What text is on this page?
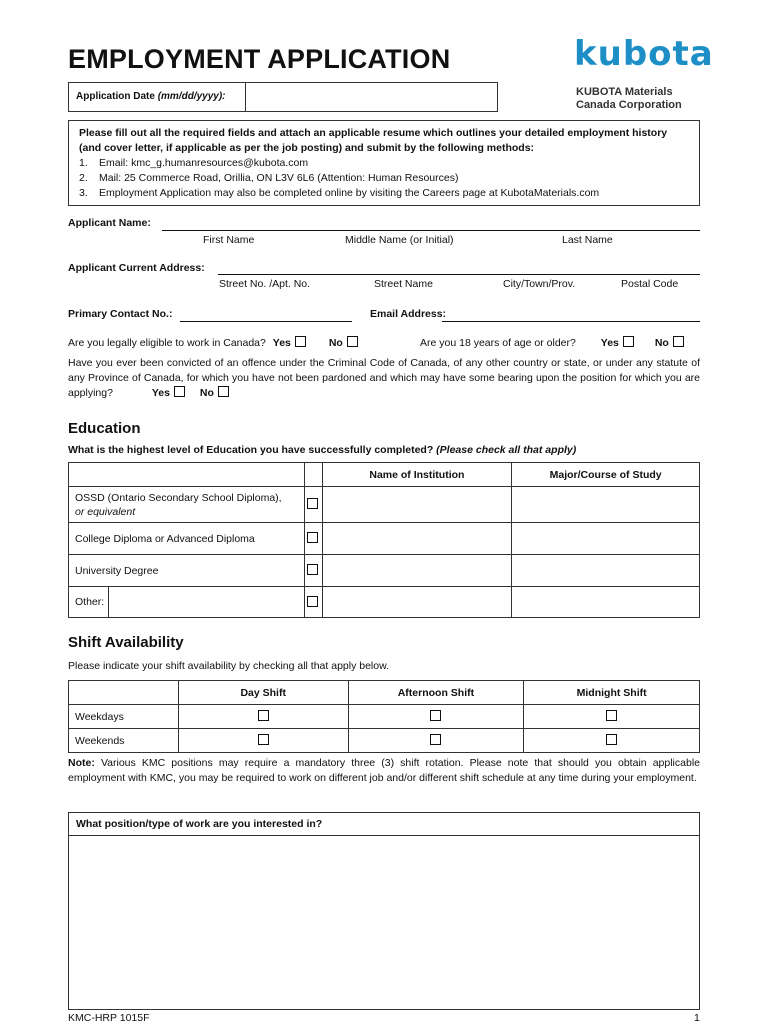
EMPLOYMENT APPLICATION	kubota
KUBOTA Materials
Canada Corporation
Application Date (mm/dd/yyyy):
Please fill out all the required fields and attach an applicable resume which outlines your detailed employment history (and cover letter, if applicable as per the job posting) and submit by the following methods:
1. Email: kmc_g.humanresources@kubota.com
2. Mail: 25 Commerce Road, Orillia, ON L3V 6L6 (Attention: Human Resources)
3. Employment Application may also be completed online by visiting the Careers page at KubotaMaterials.com
Applicant Name:
First Name	Middle Name (or Initial)	Last Name
Applicant Current Address:
Street No. /Apt. No.	Street Name	City/Town/Prov.	Postal Code
Primary Contact No.:	Email Address:
Are you legally eligible to work in Canada? Yes	No	Are you 18 years of age or older? Yes	No
Have you ever been convicted of an offence under the Criminal Code of Canada, of any other country or state, or under any statute of any Province of Canada, for which you have not been pardoned and which may have some bearing upon the position for which you are applying?	Yes	No
Education
What is the highest level of Education you have successfully completed? (Please check all that apply)
		Name of Institution	Major/Course of Study
OSSD (Ontario Secondary School Diploma),
or equivalent			
College Diploma or Advanced Diploma			
University Degree			

Other:			

Shift Availability
Please indicate your shift availability by checking all that apply below.
	Day Shift	Afternoon Shift	Midnight Shift
Weekdays			
Weekends			
Note: Various KMC positions may require a mandatory three (3) shift rotation. Please note that should you obtain applicable employment with KMC, you may be required to work on different job and/or different shift schedule at any time during your employment.
What position/type of work are you interested in?
KMC-HRP 1015F	1
